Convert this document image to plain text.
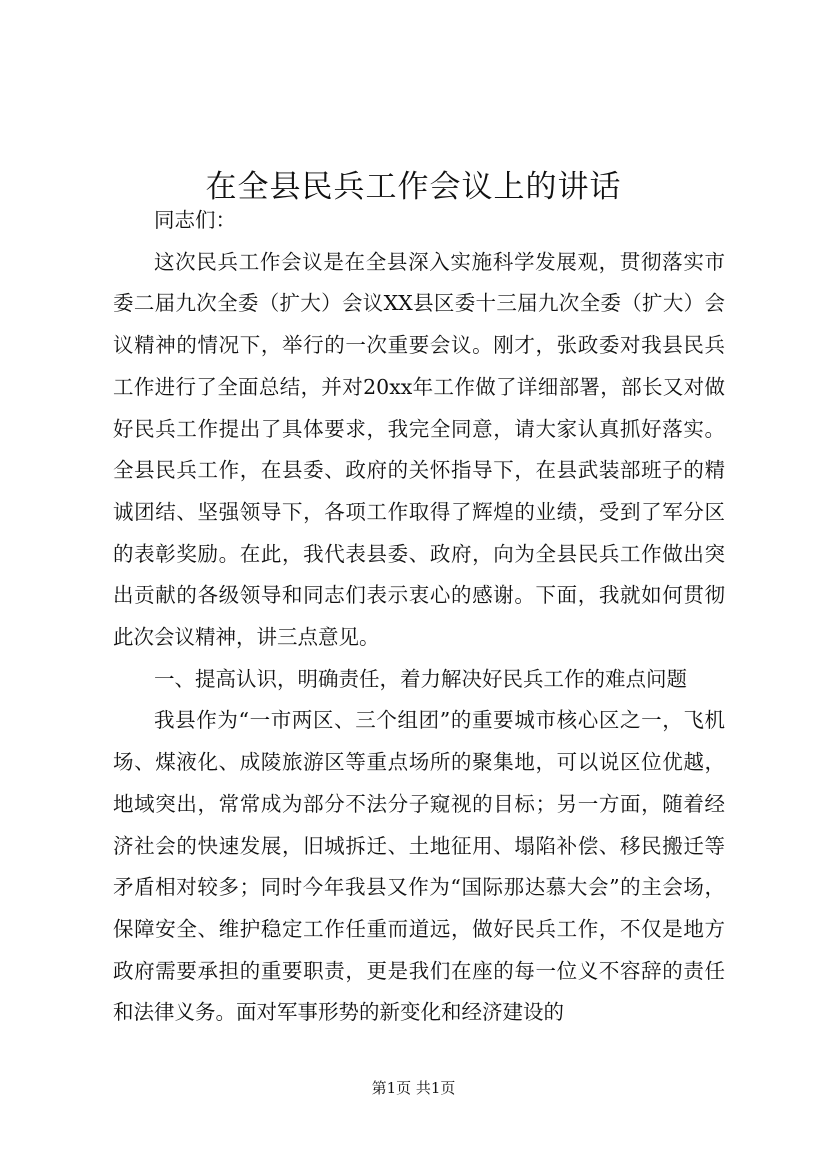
在全县民兵工作会议上的讲话

同志们：

这次民兵工作会议是在全县深入实施科学发展观，贯彻落实市委二届九次全委（扩大）会议XX县区委十三届九次全委（扩大）会议精神的情况下，举行的一次重要会议。刚才，张政委对我县民兵工作进行了全面总结，并对20xx年工作做了详细部署，部长又对做好民兵工作提出了具体要求，我完全同意，请大家认真抓好落实。全县民兵工作，在县委、政府的关怀指导下，在县武装部班子的精诚团结、坚强领导下，各项工作取得了辉煌的业绩，受到了军分区的表彰奖励。在此，我代表县委、政府，向为全县民兵工作做出突出贡献的各级领导和同志们表示衷心的感谢。下面，我就如何贯彻此次会议精神，讲三点意见。

一、提高认识，明确责任，着力解决好民兵工作的难点问题

我县作为“一市两区、三个组团”的重要城市核心区之一，飞机场、煤液化、成陵旅游区等重点场所的聚集地，可以说区位优越，地域突出，常常成为部分不法分子窥视的目标；另一方面，随着经济社会的快速发展，旧城拆迁、土地征用、塌陷补偿、移民搬迁等矛盾相对较多；同时今年我县又作为“国际那达慕大会”的主会场，保障安全、维护稳定工作任重而道远，做好民兵工作，不仅是地方政府需要承担的重要职责，更是我们在座的每一位义不容辞的责任和法律义务。面对军事形势的新变化和经济建设的

第1页 共1页
